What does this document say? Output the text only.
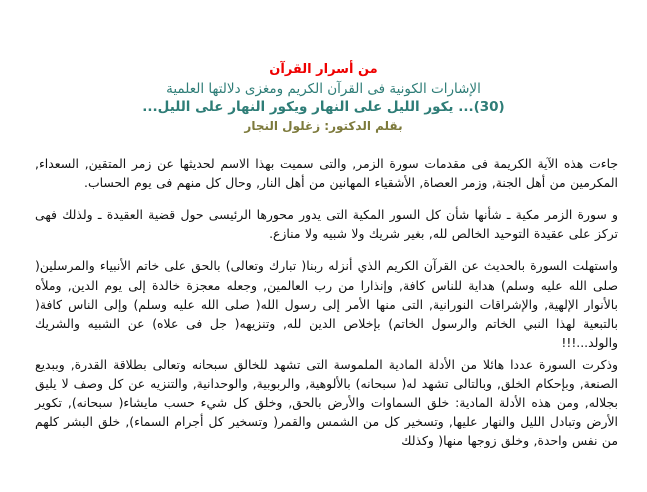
من أسرار القرآن
الإشارات الكونية فى القرآن الكريم ومغزى دلالتها العلمية
(30)... يكور الليل على النهار ويكور النهار على الليل...
بقلم الدكتور: زغلول النجار

جاءت هذه الآية الكريمة فى مقدمات سورة الزمر, والتى سميت بهذا الاسم لحديثها عن زمر المتقين, السعداء, المكرمين من أهل الجنة, وزمر العصاة, الأشقياء المهانين من أهل النار, وحال كل منهم فى يوم الحساب.

و سورة الزمر مكية ـ شأنها شأن كل السور المكية التى يدور محورها الرئيسى حول قضية العقيدة ـ ولذلك فهى تركز على عقيدة التوحيد الخالص لله, بغير شريك ولا شبيه ولا منازع.

واستهلت السورة بالحديث عن القرآن الكريم الذي أنزله ربنا( تبارك وتعالى) بالحق على خاتم الأنبياء والمرسلين( صلى الله عليه وسلم) هداية للناس كافة, وإنذارا من رب العالمين, وجعله معجزة خالدة إلى يوم الدين, وملأه بالأنوار الإلهية, والإشراقات النورانية, التى منها الأمر إلى رسول الله( صلى الله عليه وسلم) وإلى الناس كافة( بالتبعية لهذا النبي الخاتم والرسول الخاتم) بإخلاص الدين لله, وتنزيهه( جل فى علاه) عن الشبيه والشريك والولد...!!!

وذكرت السورة عددا هائلا من الأدلة المادية الملموسة التى تشهد للخالق سبحانه وتعالى بطلاقة القدرة, وببديع الصنعة, وبإحكام الخلق, وبالتالى تشهد له( سبحانه) بالألوهية, والربوبية, والوحدانية, والتنزيه عن كل وصف لا يليق بجلاله, ومن هذه الأدلة المادية: خلق السماوات والأرض بالحق, وخلق كل شيء حسب مايشاء( سبحانه), تكوير الأرض وتبادل الليل والنهار عليها, وتسخير كل من الشمس والقمر( وتسخير كل أجرام السماء), خلق البشر كلهم من نفس واحدة, وخلق زوجها منها( وكذلك
